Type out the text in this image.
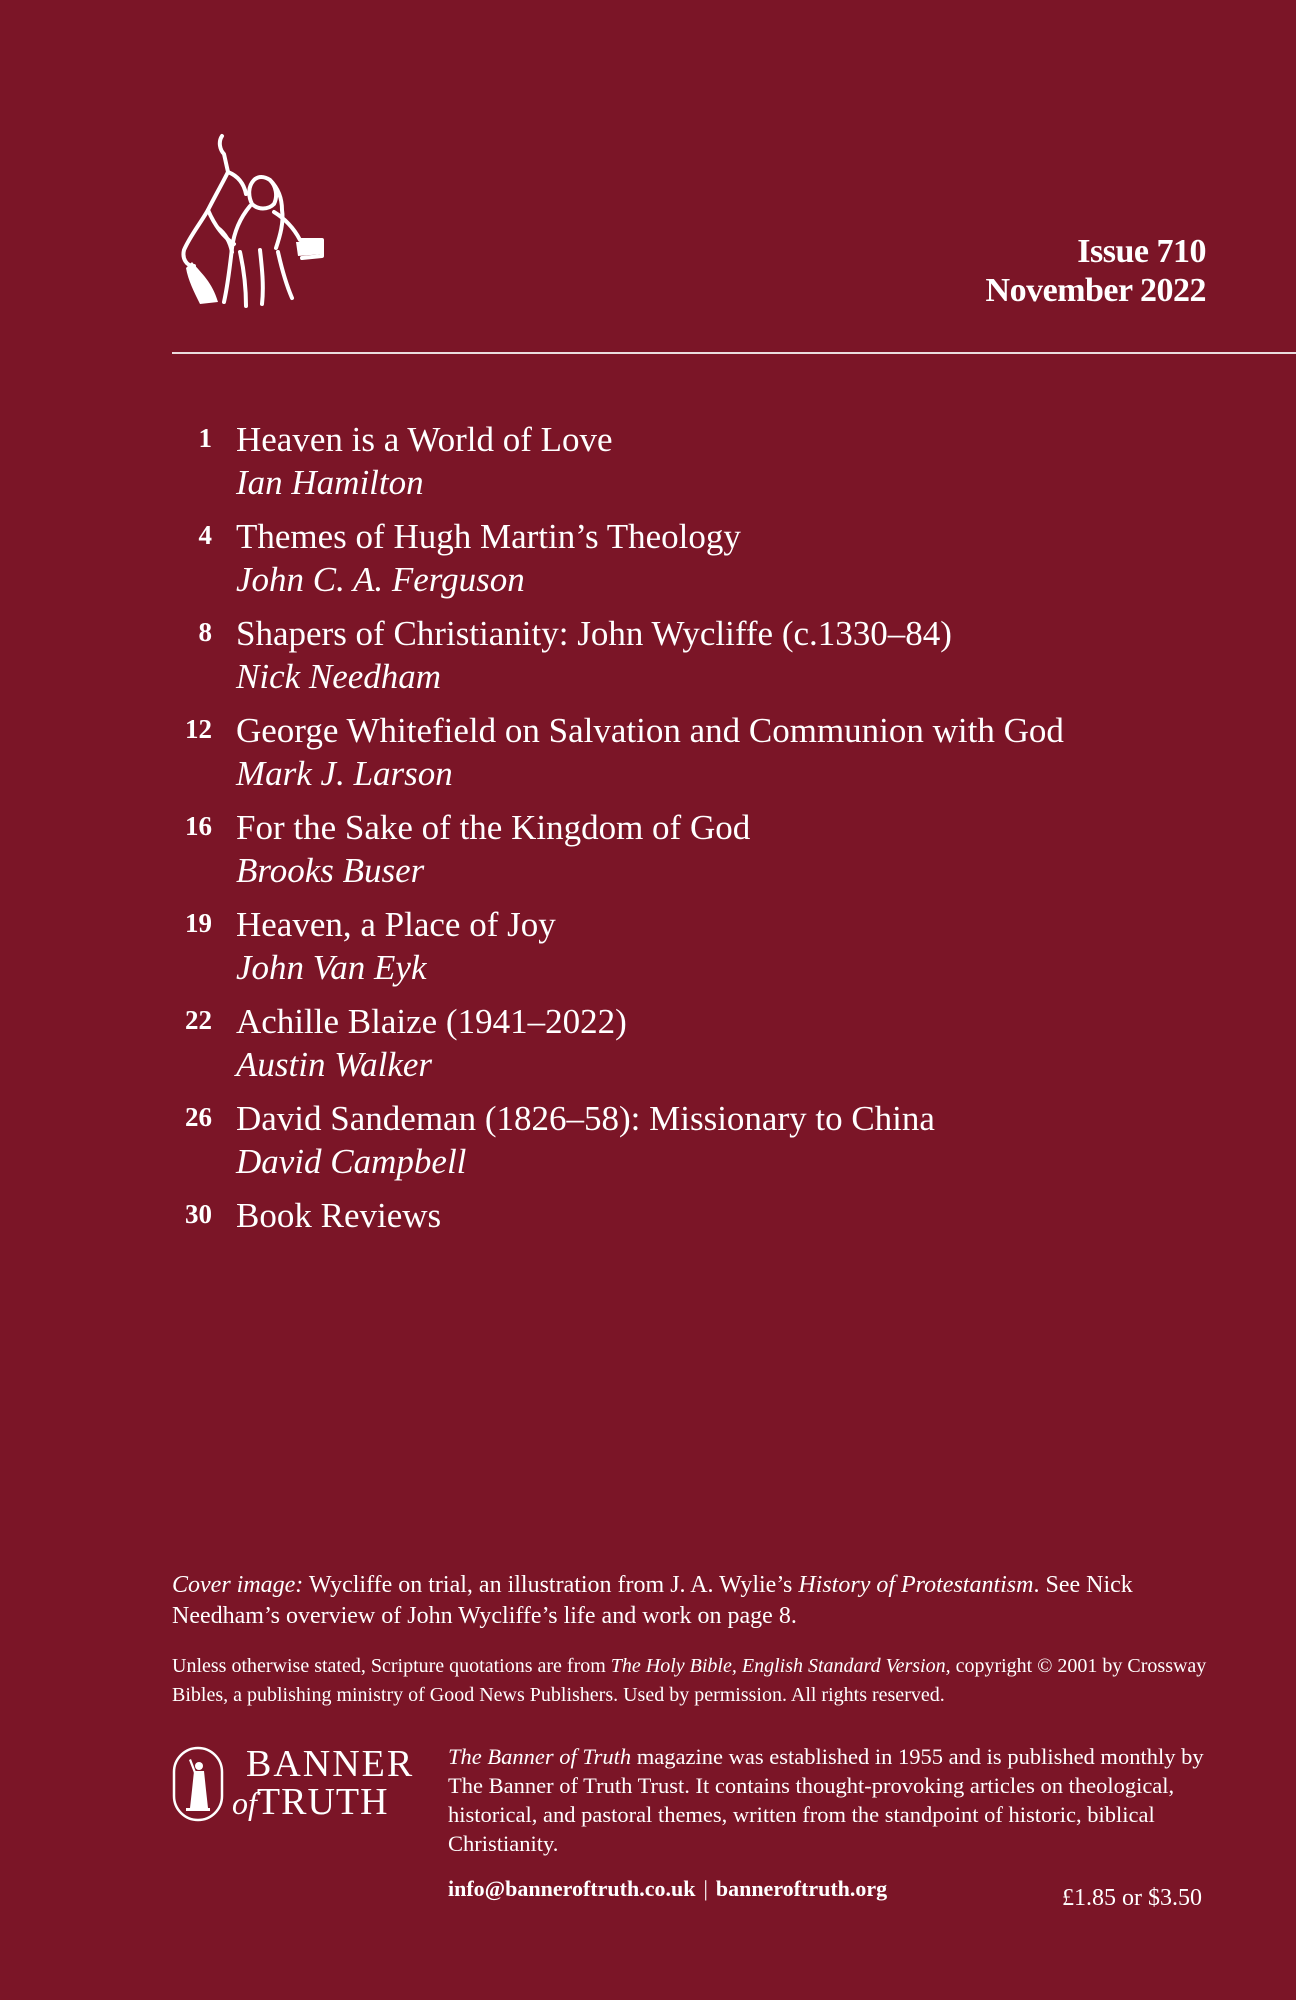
Issue 710
November 2022
1 Heaven is a World of Love
Ian Hamilton
4 Themes of Hugh Martin’s Theology
John C. A. Ferguson
8 Shapers of Christianity: John Wycliffe (c.1330–84)
Nick Needham
12 George Whitefield on Salvation and Communion with God
Mark J. Larson
16 For the Sake of the Kingdom of God
Brooks Buser
19 Heaven, a Place of Joy
John Van Eyk
22 Achille Blaize (1941–2022)
Austin Walker
26 David Sandeman (1826–58): Missionary to China
David Campbell
30 Book Reviews
Cover image: Wycliffe on trial, an illustration from J. A. Wylie’s History of Protestantism. See Nick Needham’s overview of John Wycliffe’s life and work on page 8.
Unless otherwise stated, Scripture quotations are from The Holy Bible, English Standard Version, copyright © 2001 by Crossway Bibles, a publishing ministry of Good News Publishers. Used by permission. All rights reserved.
BANNER
ofTRUTH
The Banner of Truth magazine was established in 1955 and is published monthly by The Banner of Truth Trust. It contains thought-provoking articles on theological, historical, and pastoral themes, written from the standpoint of historic, biblical Christianity.
info@banneroftruth.co.uk | banneroftruth.org	£1.85 or $3.50
